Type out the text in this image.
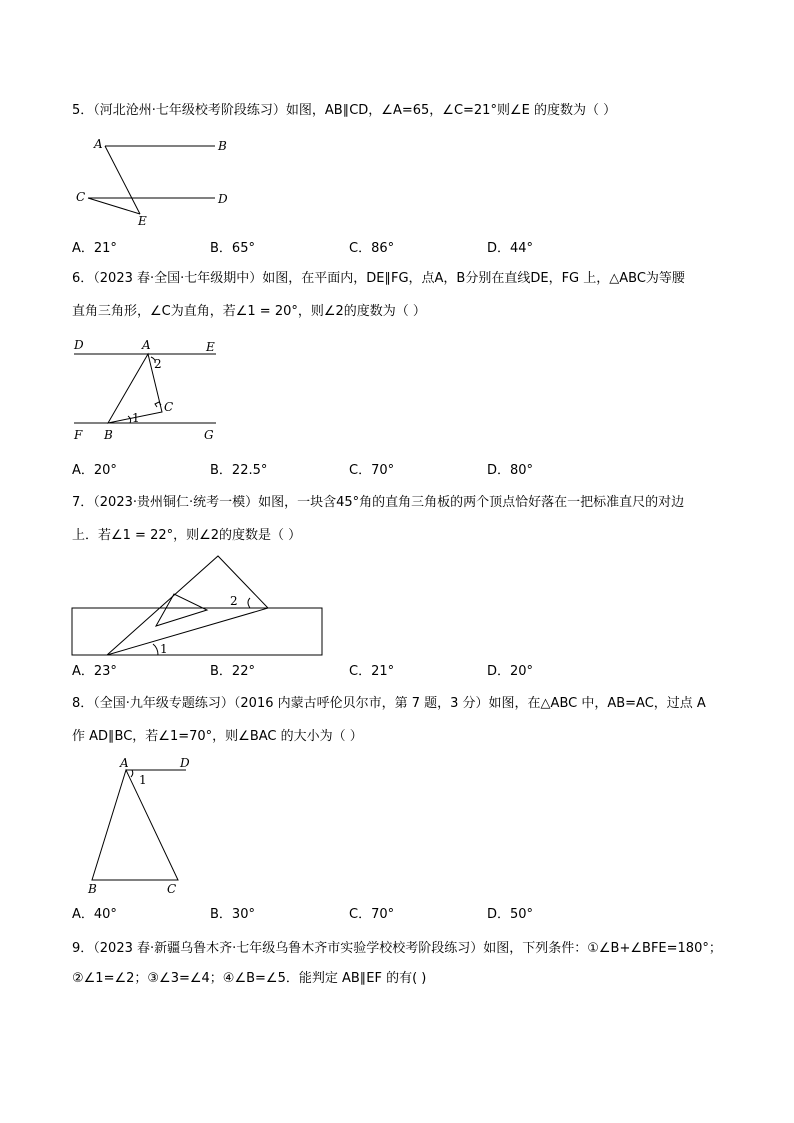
5．（河北沧州·七年级校考阶段练习）如图，AB∥CD，∠A=65，∠C=21°则∠E 的度数为（ ）
A	B
C	D
E
A．21°	B．65°	C．86°	D．44°
6．（2023 春·全国·七年级期中）如图，在平面内，DE∥FG，点A，B分别在直线DE，FG 上，△ABC为等腰
直角三角形，∠C为直角，若∠1 = 20°，则∠2的度数为（ ）
D	A	E
F B	G
C
1
2
A．20°	B．22.5°	C．70°	D．80°
7．（2023·贵州铜仁·统考一模）如图，一块含45°角的直角三角板的两个顶点恰好落在一把标准直尺的对边
上．若∠1 = 22°，则∠2的度数是（ ）
1
2
A．23°	B．22°	C．21°	D．20°
8．（全国·九年级专题练习）（2016 内蒙古呼伦贝尔市，第 7 题，3 分）如图，在△ABC 中，AB=AC，过点 A
作 AD∥BC，若∠1=70°，则∠BAC 的大小为（ ）
A	D
B	C
1
A．40°	B．30°	C．70°	D．50°
9．（2023 春·新疆乌鲁木齐·七年级乌鲁木齐市实验学校校考阶段练习）如图，下列条件：①∠B+∠BFE=180°；
②∠1=∠2；③∠3=∠4；④∠B=∠5．能判定 AB∥EF 的有( )
